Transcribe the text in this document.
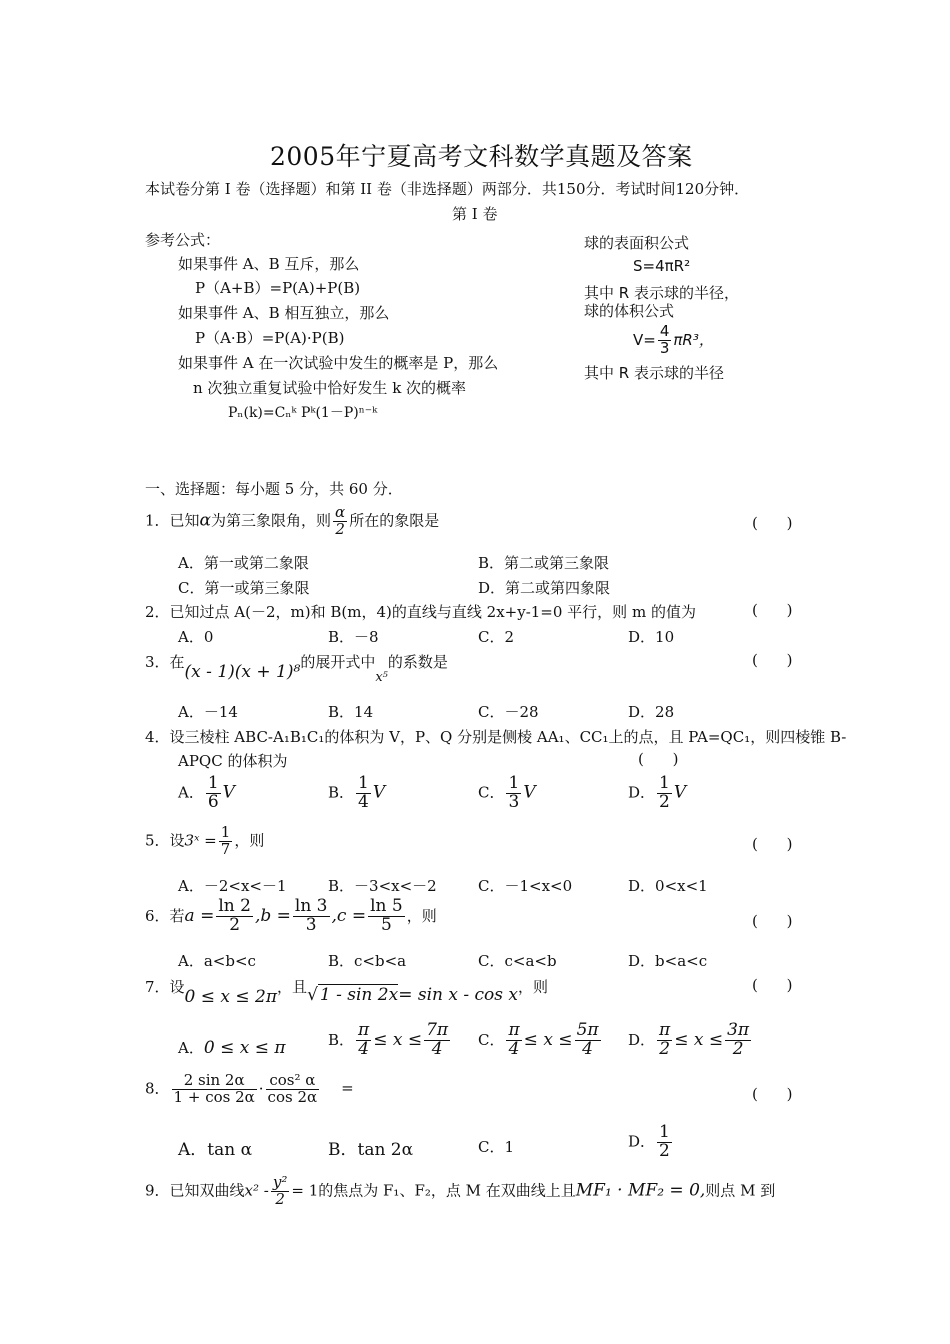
2005年宁夏高考文科数学真题及答案
本试卷分第 I 卷（选择题）和第 II 卷（非选择题）两部分．共150分．考试时间120分钟．
第 I 卷
参考公式：
如果事件 A、B 互斥，那么
P（A+B）=P(A)+P(B)
如果事件 A、B 相互独立，那么
P（A·B）=P(A)·P(B)
如果事件 A 在一次试验中发生的概率是 P，那么
n 次独立重复试验中恰好发生 k 次的概率
Pₙ(k)=Cₙᵏ Pᵏ(1－P)ⁿ⁻ᵏ
球的表面积公式
S=4πR²
其中 R 表示球的半径，
球的体积公式
$V= \frac{4}{3} \pi R^3$，
其中 R 表示球的半径
一、选择题：每小题 5 分，共 60 分．
1．已知α为第三象限角，则 $\frac{\alpha}{2}$ 所在的象限是	( )
A．第一或第二象限	B．第二或第三象限
C．第一或第三象限	D．第二或第四象限
2．已知过点 A(－2，m)和 B(m，4)的直线与直线 2x+y-1=0 平行，则 m 的值为	( )
A．0	B．－8	C．2	D．10
3．在(x - 1)(x + 1)⁸的展开式中x⁵的系数是	( )
A．－14	B．14	C．－28	D．28
4．设三棱柱 ABC-A₁B₁C₁的体积为 V，P、Q 分别是侧棱 AA₁、CC₁上的点，且 PA=QC₁，则四棱锥 B-
APQC 的体积为	( )
A． $\frac{1}{6}$ V	B． $\frac{1}{4}$ V	C． $\frac{1}{3}$ V	D． $\frac{1}{2}$ V
5．设3ˣ = $\frac{1}{7}$ ，则	( )
A．－2<x<－1	B．－3<x<－2	C．－1<x<0	D．0<x<1
6．若$a = \frac{\ln 2}{2} ,b = \frac{\ln 3}{3} ,c = \frac{\ln 5}{5}$ ，则	( )
A．a<b<c	B．c<b<a	C．c<a<b	D．b<a<c
7．设0 ≤ x ≤ 2π，且√ 1 - sin 2x= sin x - cos x，则	( )
A．0 ≤ x ≤ π	B． $\frac{\pi}{4} \le x \le \frac{7\pi}{4}$ C． $\frac{\pi}{4} \le x \le \frac{5\pi}{4}$ D． $\frac{\pi}{2} \le x \le \frac{3\pi}{2}$
8． $\frac{2 \sin 2\alpha}{1 + \cos 2\alpha} \cdot \frac{\text{cos² α}}{\cos 2\alpha}$ =	( )
A．tan α	B．tan 2α	C．1	D． $\frac{1}{2}$
9．已知双曲线$x^2 - \frac{\text{y²}}{2} = 1$的焦点为 F₁、F₂，点 M 在双曲线上且MF₁ · MF₂ = 0,则点 M 到
